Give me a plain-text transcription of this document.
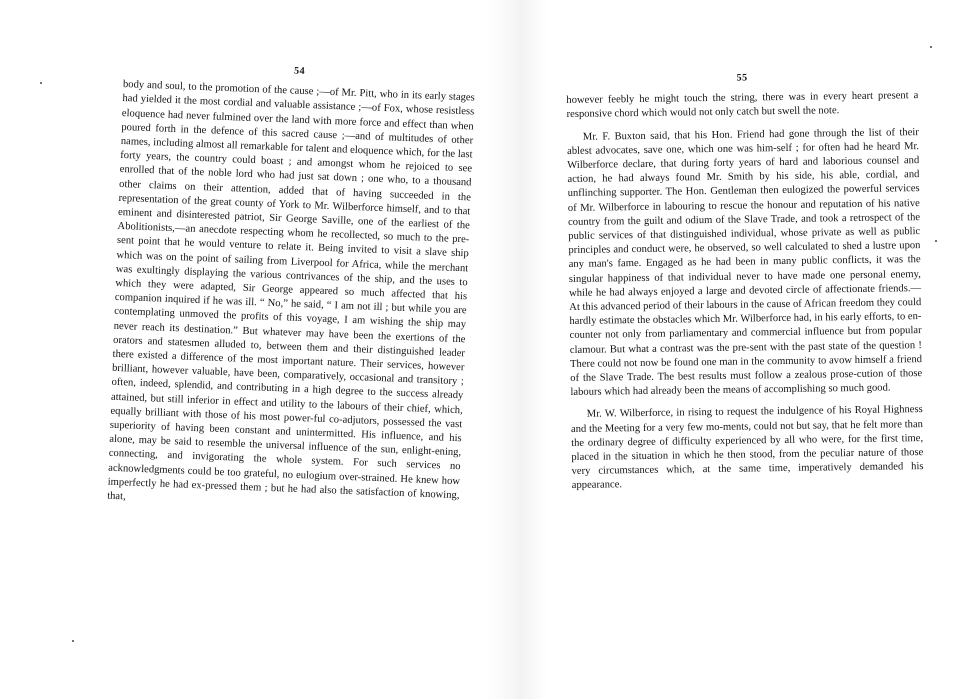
54

body and soul, to the promotion of the cause ;—of Mr. Pitt, who in its early stages had yielded it the most cordial and valuable assistance ;—of Fox, whose resistless eloquence had never fulmined over the land with more force and effect than when poured forth in the defence of this sacred cause ;—and of multitudes of other names, including almost all remarkable for talent and eloquence which, for the last forty years, the country could boast ; and amongst whom he rejoiced to see enrolled that of the noble lord who had just sat down ; one who, to a thousand other claims on their attention, added that of having succeeded in the representation of the great county of York to Mr. Wilberforce himself, and to that eminent and disinterested patriot, Sir George Saville, one of the earliest of the Abolitionists,—an anecdote respecting whom he recollected, so much to the pre-sent point that he would venture to relate it. Being invited to visit a slave ship which was on the point of sailing from Liverpool for Africa, while the merchant was exultingly displaying the various contrivances of the ship, and the uses to which they were adapted, Sir George appeared so much affected that his companion inquired if he was ill. “ No,” he said, “ I am not ill ; but while you are contemplating unmoved the profits of this voyage, I am wishing the ship may never reach its destination.” But whatever may have been the exertions of the orators and statesmen alluded to, between them and their distinguished leader there existed a difference of the most important nature. Their services, however brilliant, however valuable, have been, comparatively, occasional and transitory ; often, indeed, splendid, and contributing in a high degree to the success already attained, but still inferior in effect and utility to the labours of their chief, which, equally brilliant with those of his most power-ful co-adjutors, possessed the vast superiority of having been constant and unintermitted. His influence, and his alone, may be said to resemble the universal influence of the sun, enlight-ening, connecting, and invigorating the whole system. For such services no acknowledgments could be too grateful, no eulogium over-strained. He knew how imperfectly he had ex-pressed them ; but he had also the satisfaction of knowing, that,

55

however feebly he might touch the string, there was in every heart present a responsive chord which would not only catch but swell the note.

Mr. F. Buxton said, that his Hon. Friend had gone through the list of their ablest advocates, save one, which one was him-self ; for often had he heard Mr. Wilberforce declare, that during forty years of hard and laborious counsel and action, he had always found Mr. Smith by his side, his able, cordial, and unflinching supporter. The Hon. Gentleman then eulogized the powerful services of Mr. Wilberforce in labouring to rescue the honour and reputation of his native country from the guilt and odium of the Slave Trade, and took a retrospect of the public services of that distinguished individual, whose private as well as public principles and conduct were, he observed, so well calculated to shed a lustre upon any man's fame. Engaged as he had been in many public conflicts, it was the singular happiness of that individual never to have made one personal enemy, while he had always enjoyed a large and devoted circle of affectionate friends.—At this advanced period of their labours in the cause of African freedom they could hardly estimate the obstacles which Mr. Wilberforce had, in his early efforts, to en-counter not only from parliamentary and commercial influence but from popular clamour. But what a contrast was the pre-sent with the past state of the question ! There could not now be found one man in the community to avow himself a friend of the Slave Trade. The best results must follow a zealous prose-cution of those labours which had already been the means of accomplishing so much good.

Mr. W. Wilberforce, in rising to request the indulgence of his Royal Highness and the Meeting for a very few mo-ments, could not but say, that he felt more than the ordinary degree of difficulty experienced by all who were, for the first time, placed in the situation in which he then stood, from the peculiar nature of those very circumstances which, at the same time, imperatively demanded his appearance.
